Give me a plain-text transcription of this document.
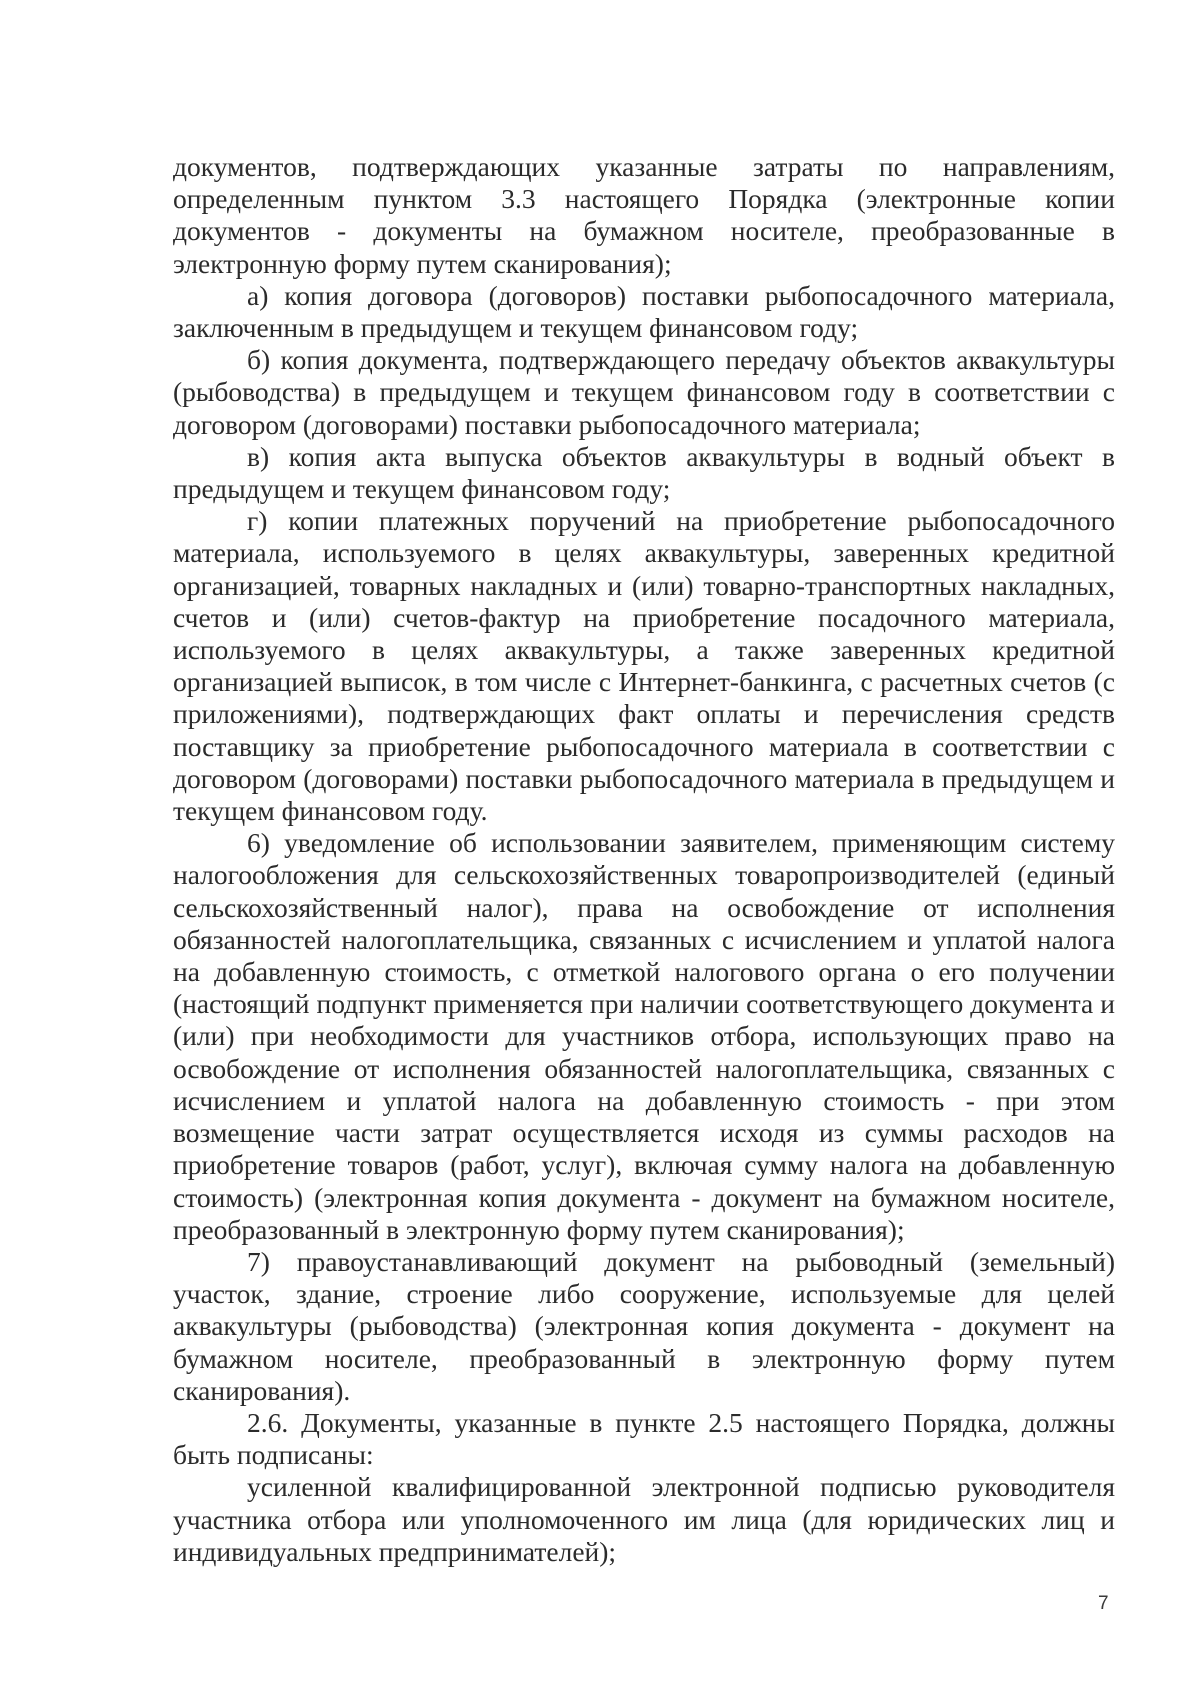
документов, подтверждающих указанные затраты по направлениям, определенным пунктом 3.3 настоящего Порядка (электронные копии документов - документы на бумажном носителе, преобразованные в электронную форму путем сканирования);

а) копия договора (договоров) поставки рыбопосадочного материала, заключенным в предыдущем и текущем финансовом году;

б) копия документа, подтверждающего передачу объектов аквакультуры (рыбоводства) в предыдущем и текущем финансовом году в соответствии с договором (договорами) поставки рыбопосадочного материала;

в) копия акта выпуска объектов аквакультуры в водный объект в предыдущем и текущем финансовом году;

г) копии платежных поручений на приобретение рыбопосадочного материала, используемого в целях аквакультуры, заверенных кредитной организацией, товарных накладных и (или) товарно-транспортных накладных, счетов и (или) счетов-фактур на приобретение посадочного материала, используемого в целях аквакультуры, а также заверенных кредитной организацией выписок, в том числе с Интернет-банкинга, с расчетных счетов (с приложениями), подтверждающих факт оплаты и перечисления средств поставщику за приобретение рыбопосадочного материала в соответствии с договором (договорами) поставки рыбопосадочного материала в предыдущем и текущем финансовом году.

6) уведомление об использовании заявителем, применяющим систему налогообложения для сельскохозяйственных товаропроизводителей (единый сельскохозяйственный налог), права на освобождение от исполнения обязанностей налогоплательщика, связанных с исчислением и уплатой налога на добавленную стоимость, с отметкой налогового органа о его получении (настоящий подпункт применяется при наличии соответствующего документа и (или) при необходимости для участников отбора, использующих право на освобождение от исполнения обязанностей налогоплательщика, связанных с исчислением и уплатой налога на добавленную стоимость - при этом возмещение части затрат осуществляется исходя из суммы расходов на приобретение товаров (работ, услуг), включая сумму налога на добавленную стоимость) (электронная копия документа - документ на бумажном носителе, преобразованный в электронную форму путем сканирования);

7) правоустанавливающий документ на рыбоводный (земельный) участок, здание, строение либо сооружение, используемые для целей аквакультуры (рыбоводства) (электронная копия документа - документ на бумажном носителе, преобразованный в электронную форму путем сканирования).

2.6. Документы, указанные в пункте 2.5 настоящего Порядка, должны быть подписаны:

усиленной квалифицированной электронной подписью руководителя участника отбора или уполномоченного им лица (для юридических лиц и индивидуальных предпринимателей);

7
